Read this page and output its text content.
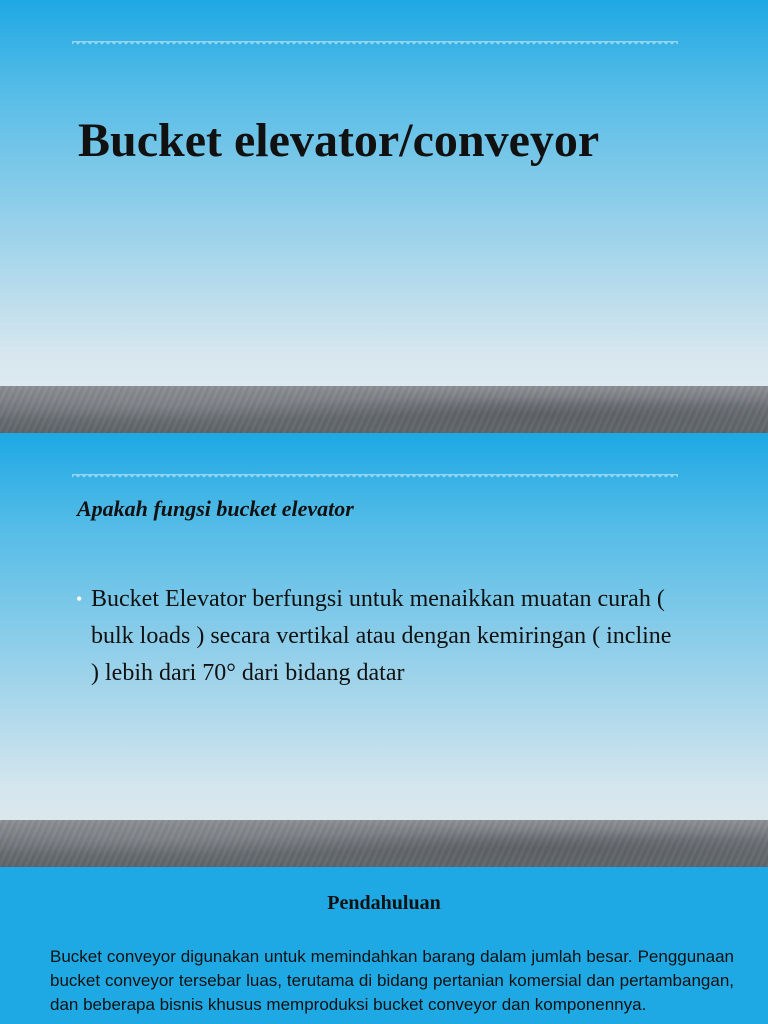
Bucket elevator/conveyor
Apakah fungsi bucket elevator
• Bucket Elevator berfungsi untuk menaikkan muatan curah ( bulk loads ) secara vertikal atau dengan kemiringan ( incline ) lebih dari 70° dari bidang datar
Pendahuluan

Bucket conveyor digunakan untuk memindahkan barang dalam jumlah besar. Penggunaan bucket conveyor tersebar luas, terutama di bidang pertanian komersial dan pertambangan, dan beberapa bisnis khusus memproduksi bucket conveyor dan komponennya.
